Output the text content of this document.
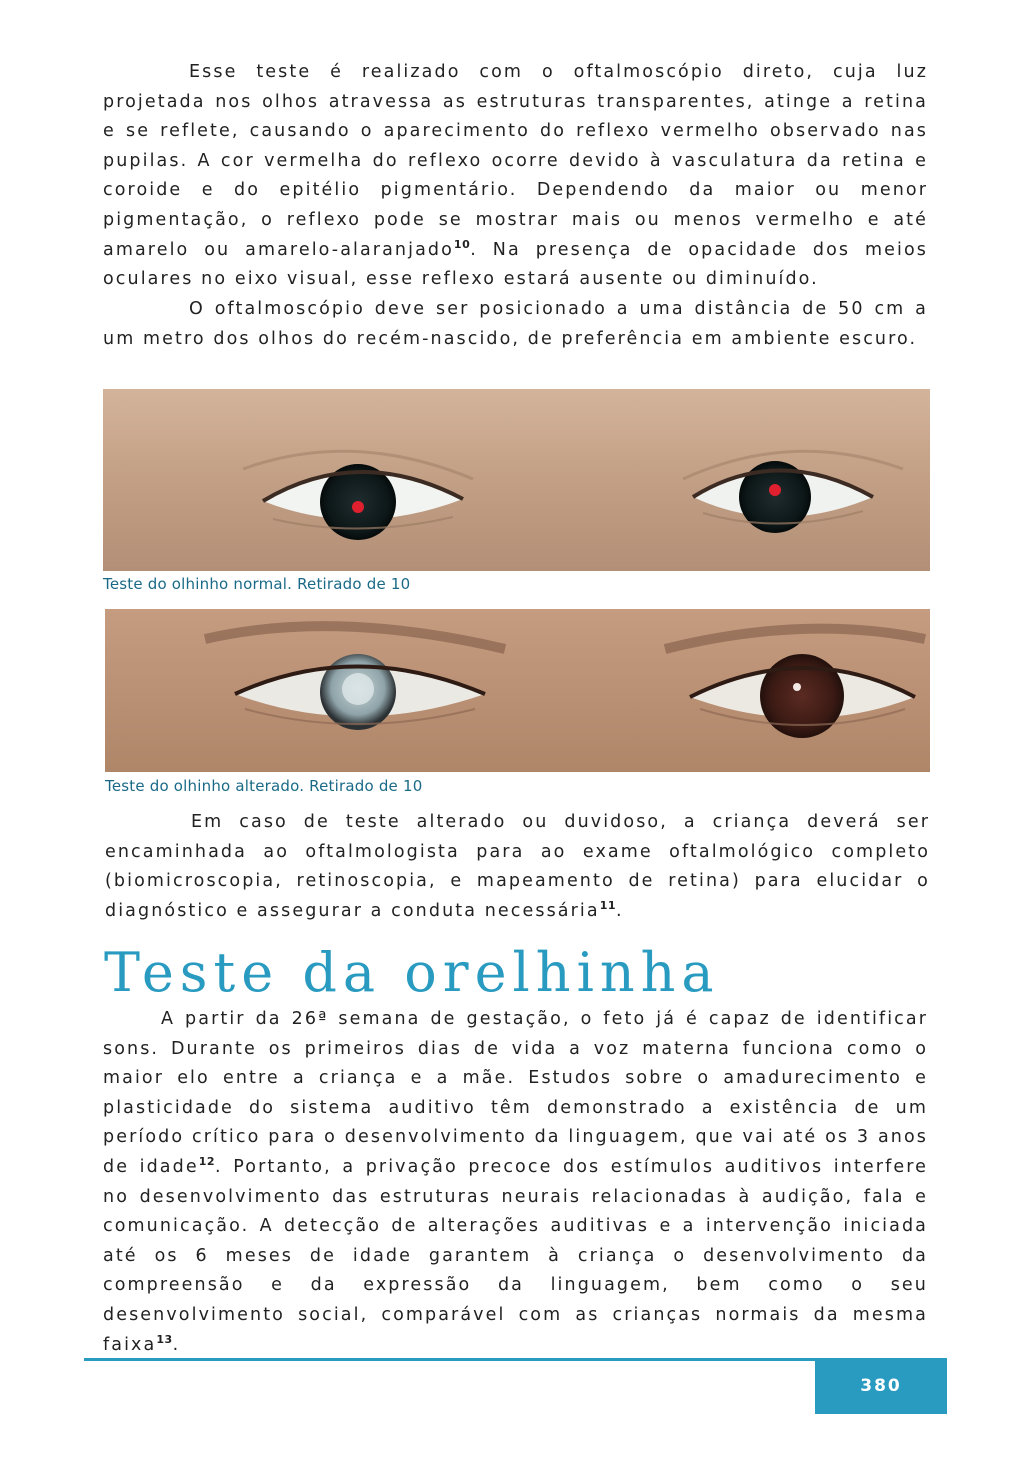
Esse teste é realizado com o oftalmoscópio direto, cuja luz projetada nos olhos atravessa as estruturas transparentes, atinge a retina e se reflete, causando o aparecimento do reflexo vermelho observado nas pupilas. A cor vermelha do reflexo ocorre devido à vasculatura da retina e coroide e do epitélio pigmentário. Dependendo da maior ou menor pigmentação, o reflexo pode se mostrar mais ou menos vermelho e até amarelo ou amarelo-alaranjado$^{10}$. Na presença de opacidade dos meios oculares no eixo visual, esse reflexo estará ausente ou diminuído.

O oftalmoscópio deve ser posicionado a uma distância de 50 cm a um metro dos olhos do recém-nascido, de preferência em ambiente escuro.

Teste do olhinho normal. Retirado de 10

Teste do olhinho alterado. Retirado de 10

Em caso de teste alterado ou duvidoso, a criança deverá ser encaminhada ao oftalmologista para ao exame oftalmológico completo (biomicroscopia, retinoscopia, e mapeamento de retina) para elucidar o diagnóstico e assegurar a conduta necessária$^{11}$.

Teste da orelhinha

A partir da 26ª semana de gestação, o feto já é capaz de identificar sons. Durante os primeiros dias de vida a voz materna funciona como o maior elo entre a criança e a mãe. Estudos sobre o amadurecimento e plasticidade do sistema auditivo têm demonstrado a existência de um período crítico para o desenvolvimento da linguagem, que vai até os 3 anos de idade$^{12}$. Portanto, a privação precoce dos estímulos auditivos interfere no desenvolvimento das estruturas neurais relacionadas à audição, fala e comunicação. A detecção de alterações auditivas e a intervenção iniciada até os 6 meses de idade garantem à criança o desenvolvimento da compreensão e da expressão da linguagem, bem como o seu desenvolvimento social, comparável com as crianças normais da mesma faixa$^{13}$.

380
